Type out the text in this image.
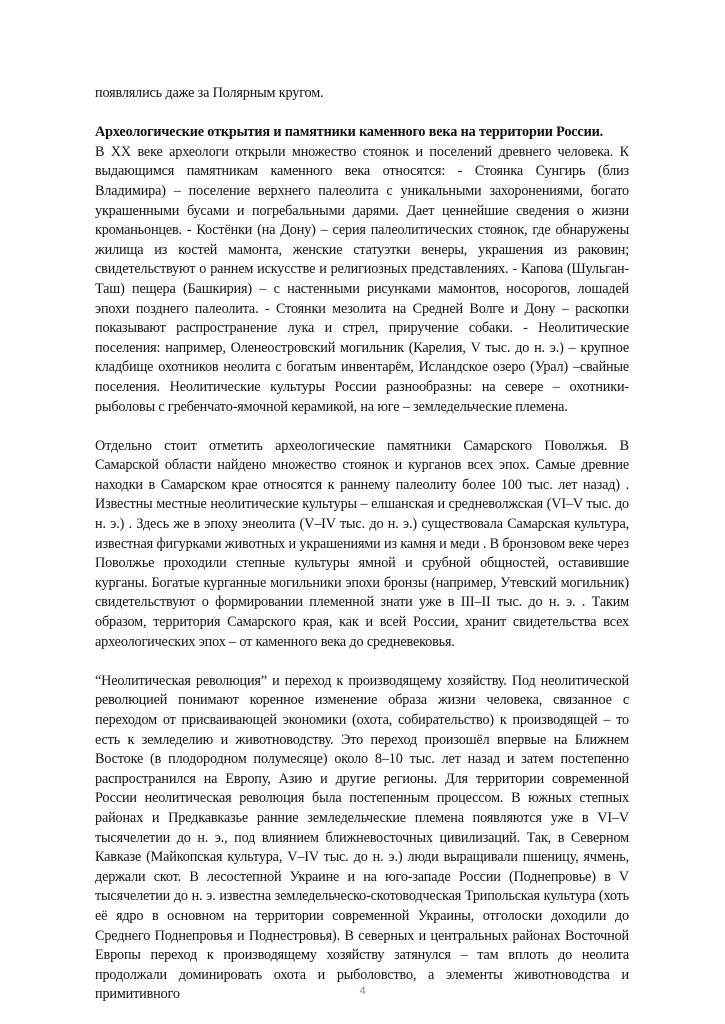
появлялись даже за Полярным кругом.

Археологические открытия и памятники каменного века на территории России.

В XX веке археологи открыли множество стоянок и поселений древнего человека. К выдающимся памятникам каменного века относятся: - Стоянка Сунгирь (близ Владимира) – поселение верхнего палеолита с уникальными захоронениями, богато украшенными бусами и погребальными дарями. Дает ценнейшие сведения о жизни кроманьонцев. - Костёнки (на Дону) – серия палеолитических стоянок, где обнаружены жилища из костей мамонта, женские статуэтки венеры, украшения из раковин; свидетельствуют о раннем искусстве и религиозных представлениях. - Капова (Шульган-Таш) пещера (Башкирия) – с настенными рисунками мамонтов, носорогов, лошадей эпохи позднего палеолита. - Стоянки мезолита на Средней Волге и Дону – раскопки показывают распространение лука и стрел, приручение собаки. - Неолитические поселения: например, Оленеостровский могильник (Карелия, V тыс. до н. э.) – крупное кладбище охотников неолита с богатым инвентарём, Исландское озеро (Урал) –свайные поселения. Неолитические культуры России разнообразны: на севере – охотники- рыболовы с гребенчато-ямочной керамикой, на юге – земледельческие племена.

Отдельно стоит отметить археологические памятники Самарского Поволжья. В Самарской области найдено множество стоянок и курганов всех эпох. Самые древние находки в Самарском крае относятся к раннему палеолиту более 100 тыс. лет назад) . Известны местные неолитические культуры – елшанская и средневолжская (VI–V тыс. до н. э.) . Здесь же в эпоху энеолита (V–IV тыс. до н. э.) существовала Самарская культура, известная фигурками животных и украшениями из камня и меди . В бронзовом веке через Поволжье проходили степные культуры ямной и срубной общностей, оставившие курганы. Богатые курганные могильники эпохи бронзы (например, Утевский могильник) свидетельствуют о формировании племенной знати уже в III–II тыс. до н. э. . Таким образом, территория Самарского края, как и всей России, хранит свидетельства всех археологических эпох – от каменного века до средневековья.

“Неолитическая революция” и переход к производящему хозяйству. Под неолитической революцией понимают коренное изменение образа жизни человека, связанное с переходом от присваивающей экономики (охота, собирательство) к производящей – то есть к земледелию и животноводству. Это переход произошёл впервые на Ближнем Востоке (в плодородном полумесяце) около 8–10 тыс. лет назад и затем постепенно распространился на Европу, Азию и другие регионы. Для территории современной России неолитическая революция была постепенным процессом. В южных степных районах и Предкавказье ранние земледельческие племена появляются уже в VI–V тысячелетии до н. э., под влиянием ближневосточных цивилизаций. Так, в Северном Кавказе (Майкопская культура, V–IV тыс. до н. э.) люди выращивали пшеницу, ячмень, держали скот. В лесостепной Украине и на юго-западе России (Поднепровье) в V тысячелетии до н. э. известна земледельческо-скотоводческая Трипольская культура (хоть её ядро в основном на территории современной Украины, отголоски доходили до Среднего Поднепровья и Поднестровья). В северных и центральных районах Восточной Европы переход к производящему хозяйству затянулся – там вплоть до неолита продолжали доминировать охота и рыболовство, а элементы животноводства и примитивного	4
